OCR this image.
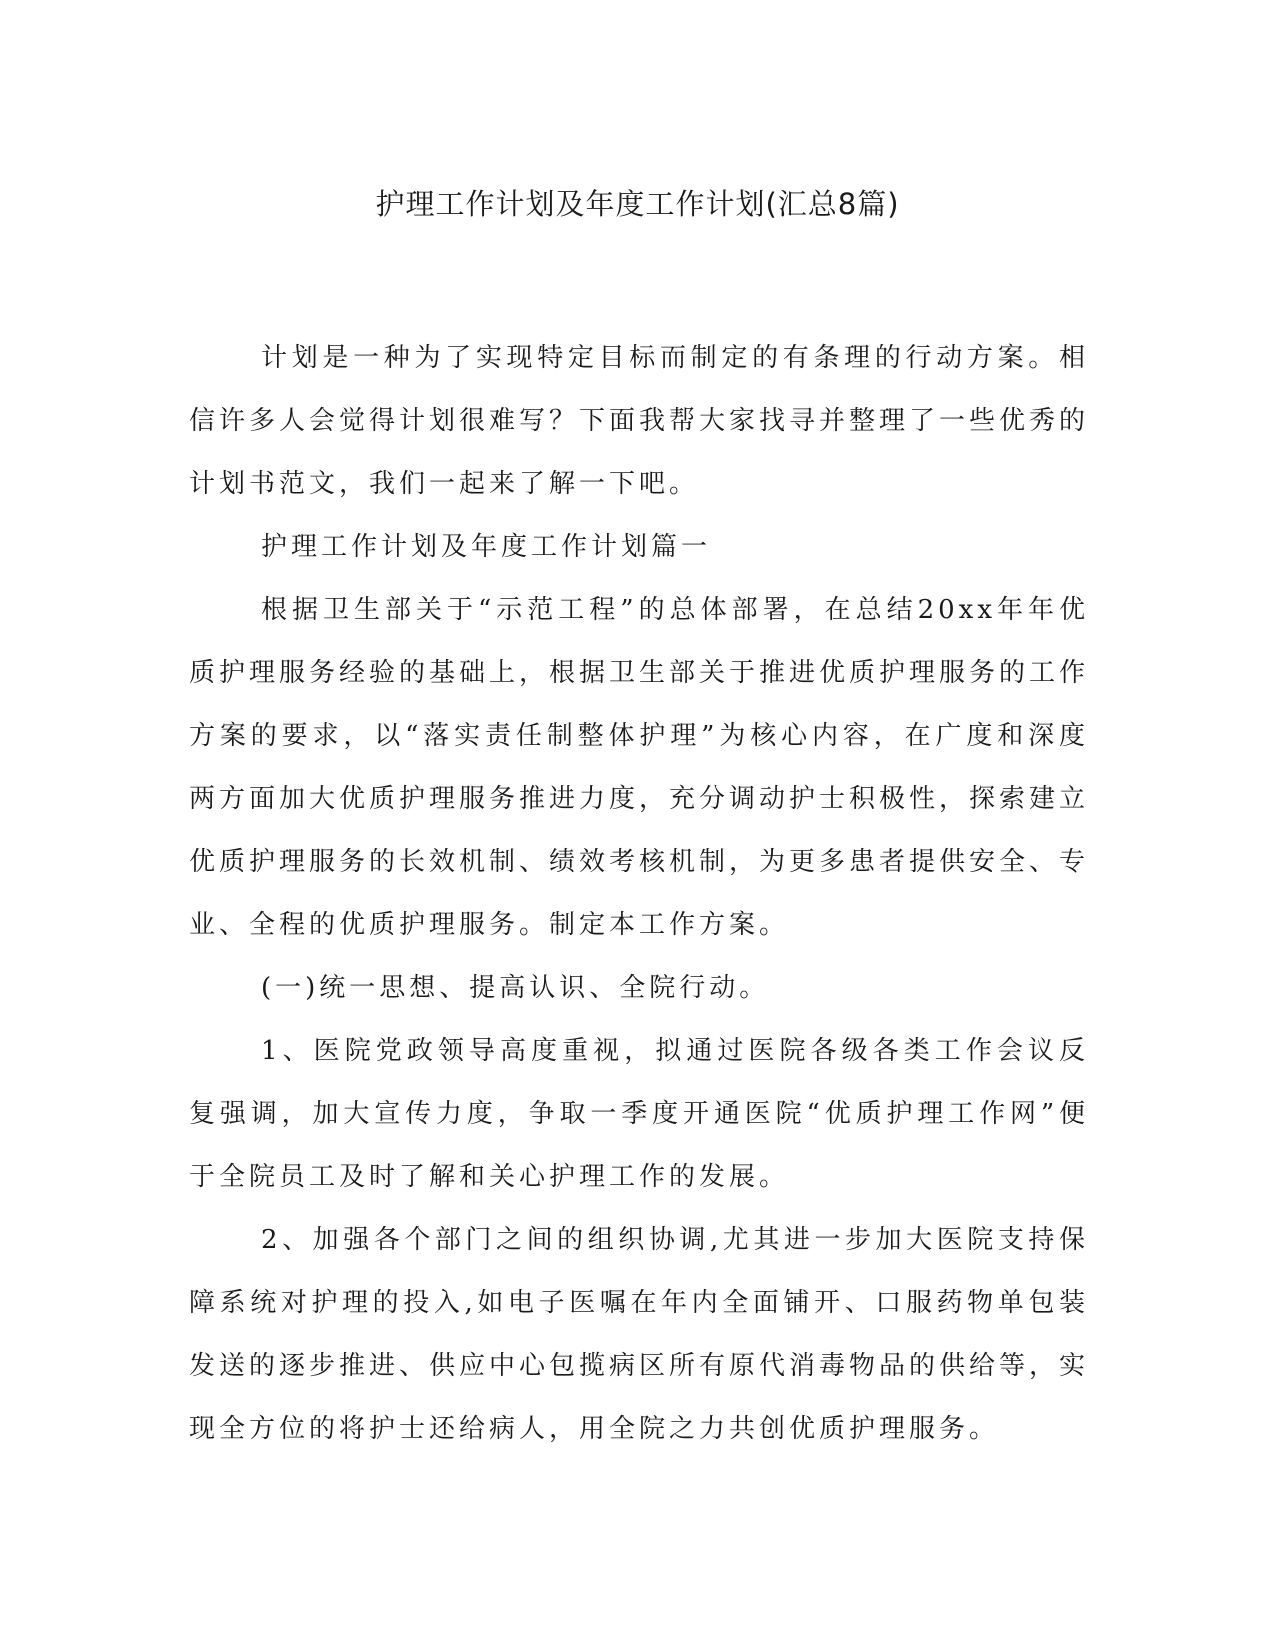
护理工作计划及年度工作计划(汇总8篇)

计划是一种为了实现特定目标而制定的有条理的行动方案。相信许多人会觉得计划很难写？下面我帮大家找寻并整理了一些优秀的计划书范文，我们一起来了解一下吧。

护理工作计划及年度工作计划篇一

根据卫生部关于“示范工程”的总体部署，在总结20xx年年优质护理服务经验的基础上，根据卫生部关于推进优质护理服务的工作方案的要求，以“落实责任制整体护理”为核心内容，在广度和深度两方面加大优质护理服务推进力度，充分调动护士积极性，探索建立优质护理服务的长效机制、绩效考核机制，为更多患者提供安全、专业、全程的优质护理服务。制定本工作方案。

(一)统一思想、提高认识、全院行动。

1、医院党政领导高度重视，拟通过医院各级各类工作会议反复强调，加大宣传力度，争取一季度开通医院“优质护理工作网”便于全院员工及时了解和关心护理工作的发展。

2、加强各个部门之间的组织协调,尤其进一步加大医院支持保障系统对护理的投入,如电子医嘱在年内全面铺开、口服药物单包装发送的逐步推进、供应中心包揽病区所有原代消毒物品的供给等，实现全方位的将护士还给病人，用全院之力共创优质护理服务。
